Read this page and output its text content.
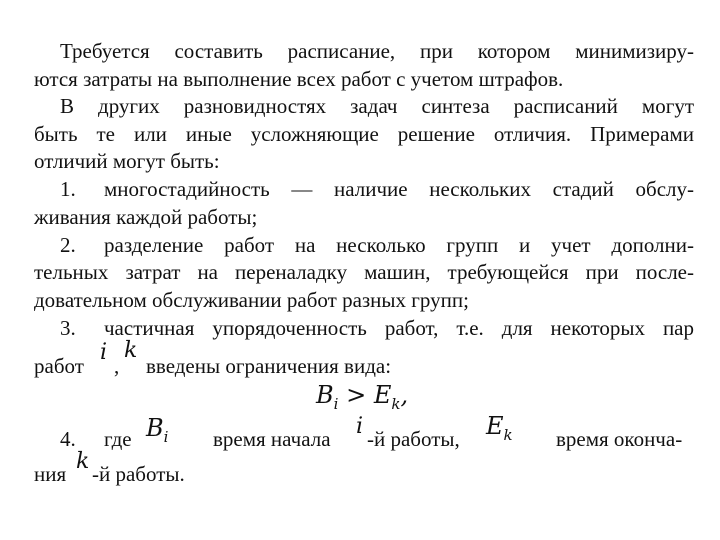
Требуется составить расписание, при котором минимизиру-
ются затраты на выполнение всех работ с учетом штрафов.
В других разновидностях задач синтеза расписаний могут
быть те или иные усложняющие решение отличия. Примерами
отличий могут быть:
1. многостадийность — наличие нескольких стадий обслу-
живания каждой работы;
2. разделение работ на несколько групп и учет дополни-
тельных затрат на переналадку машин, требующейся при после-
довательном обслуживании работ разных групп;
3. частичная упорядоченность работ, т.е. для некоторых пар
работ
i
,
k
введены ограничения вида:
$B_i > E_k$,
4. где $B_i$ время начала i -й работы, $E_k$ время оконча-
ния k -й работы.
